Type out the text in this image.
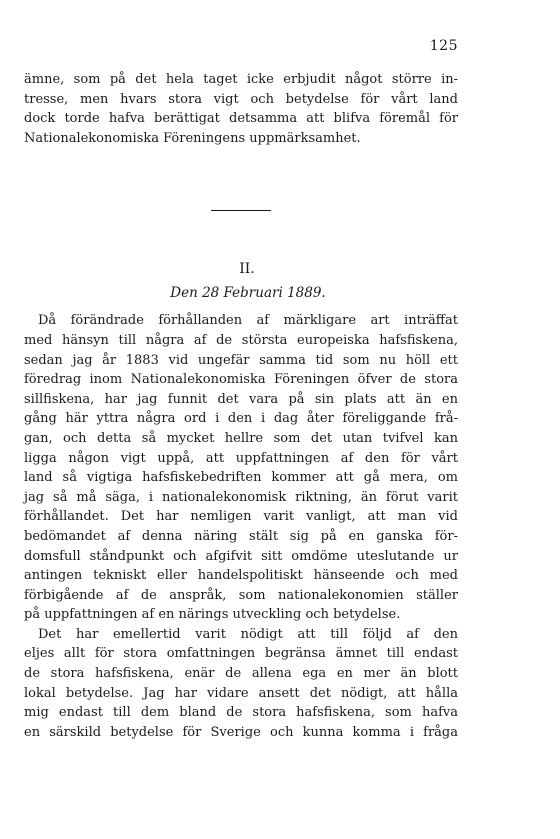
125
ämne, som på det hela taget icke erbjudit något större in-
tresse, men hvars stora vigt och betydelse för vårt land
dock torde hafva berättigat detsamma att blifva föremål för
Nationalekonomiska Föreningens uppmärksamhet.
II.
Den 28 Februari 1889.
Då förändrade förhållanden af märkligare art inträffat
med hänsyn till några af de största europeiska hafsfiskena,
sedan jag år 1883 vid ungefär samma tid som nu höll ett
föredrag inom Nationalekonomiska Föreningen öfver de stora
sillfiskena, har jag funnit det vara på sin plats att än en
gång här yttra några ord i den i dag åter föreliggande frå-
gan, och detta så mycket hellre som det utan tvifvel kan
ligga någon vigt uppå, att uppfattningen af den för vårt
land så vigtiga hafsfiskebedriften kommer att gå mera, om
jag så må säga, i nationalekonomisk riktning, än förut varit
förhållandet. Det har nemligen varit vanligt, att man vid
bedömandet af denna näring stält sig på en ganska för-
domsfull ståndpunkt och afgifvit sitt omdöme uteslutande ur
antingen tekniskt eller handelspolitiskt hänseende och med
förbigående af de anspråk, som nationalekonomien ställer
på uppfattningen af en närings utveckling och betydelse.
Det har emellertid varit nödigt att till följd af den
eljes allt för stora omfattningen begränsa ämnet till endast
de stora hafsfiskena, enär de allena ega en mer än blott
lokal betydelse. Jag har vidare ansett det nödigt, att hålla
mig endast till dem bland de stora hafsfiskena, som hafva
en särskild betydelse för Sverige och kunna komma i fråga
